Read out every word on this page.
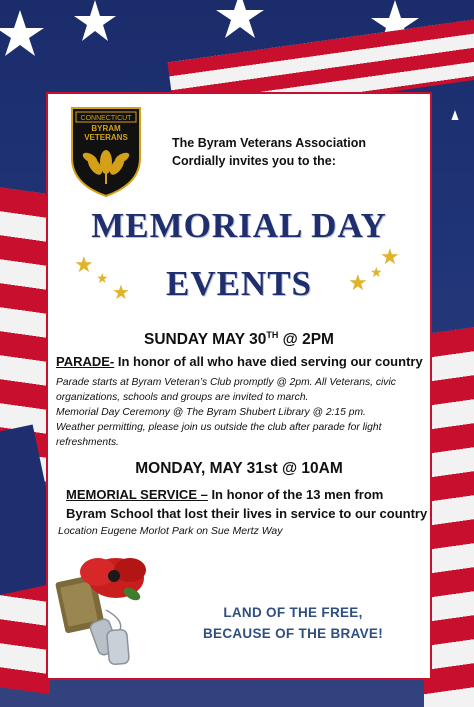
CONNECTICUT
BYRAM
VETERANS	The Byram Veterans Association
Cordially invites you to the:
MEMORIAL DAY
EVENTS
★
★
★	★ ★
★
SUNDAY MAY 30TH @ 2PM
PARADE- In honor of all who have died serving our country
Parade starts at Byram Veteran’s Club promptly @ 2pm. All Veterans, civic
organizations, schools and groups are invited to march.
Memorial Day Ceremony @ The Byram Shubert Library @ 2:15 pm.
Weather permitting, please join us outside the club after parade for light
refreshments.
MONDAY, MAY 31st @ 10AM
MEMORIAL SERVICE – In honor of the 13 men from
Byram School that lost their lives in service to our country
Location Eugene Morlot Park on Sue Mertz Way
LAND OF THE FREE,
BECAUSE OF THE BRAVE!
